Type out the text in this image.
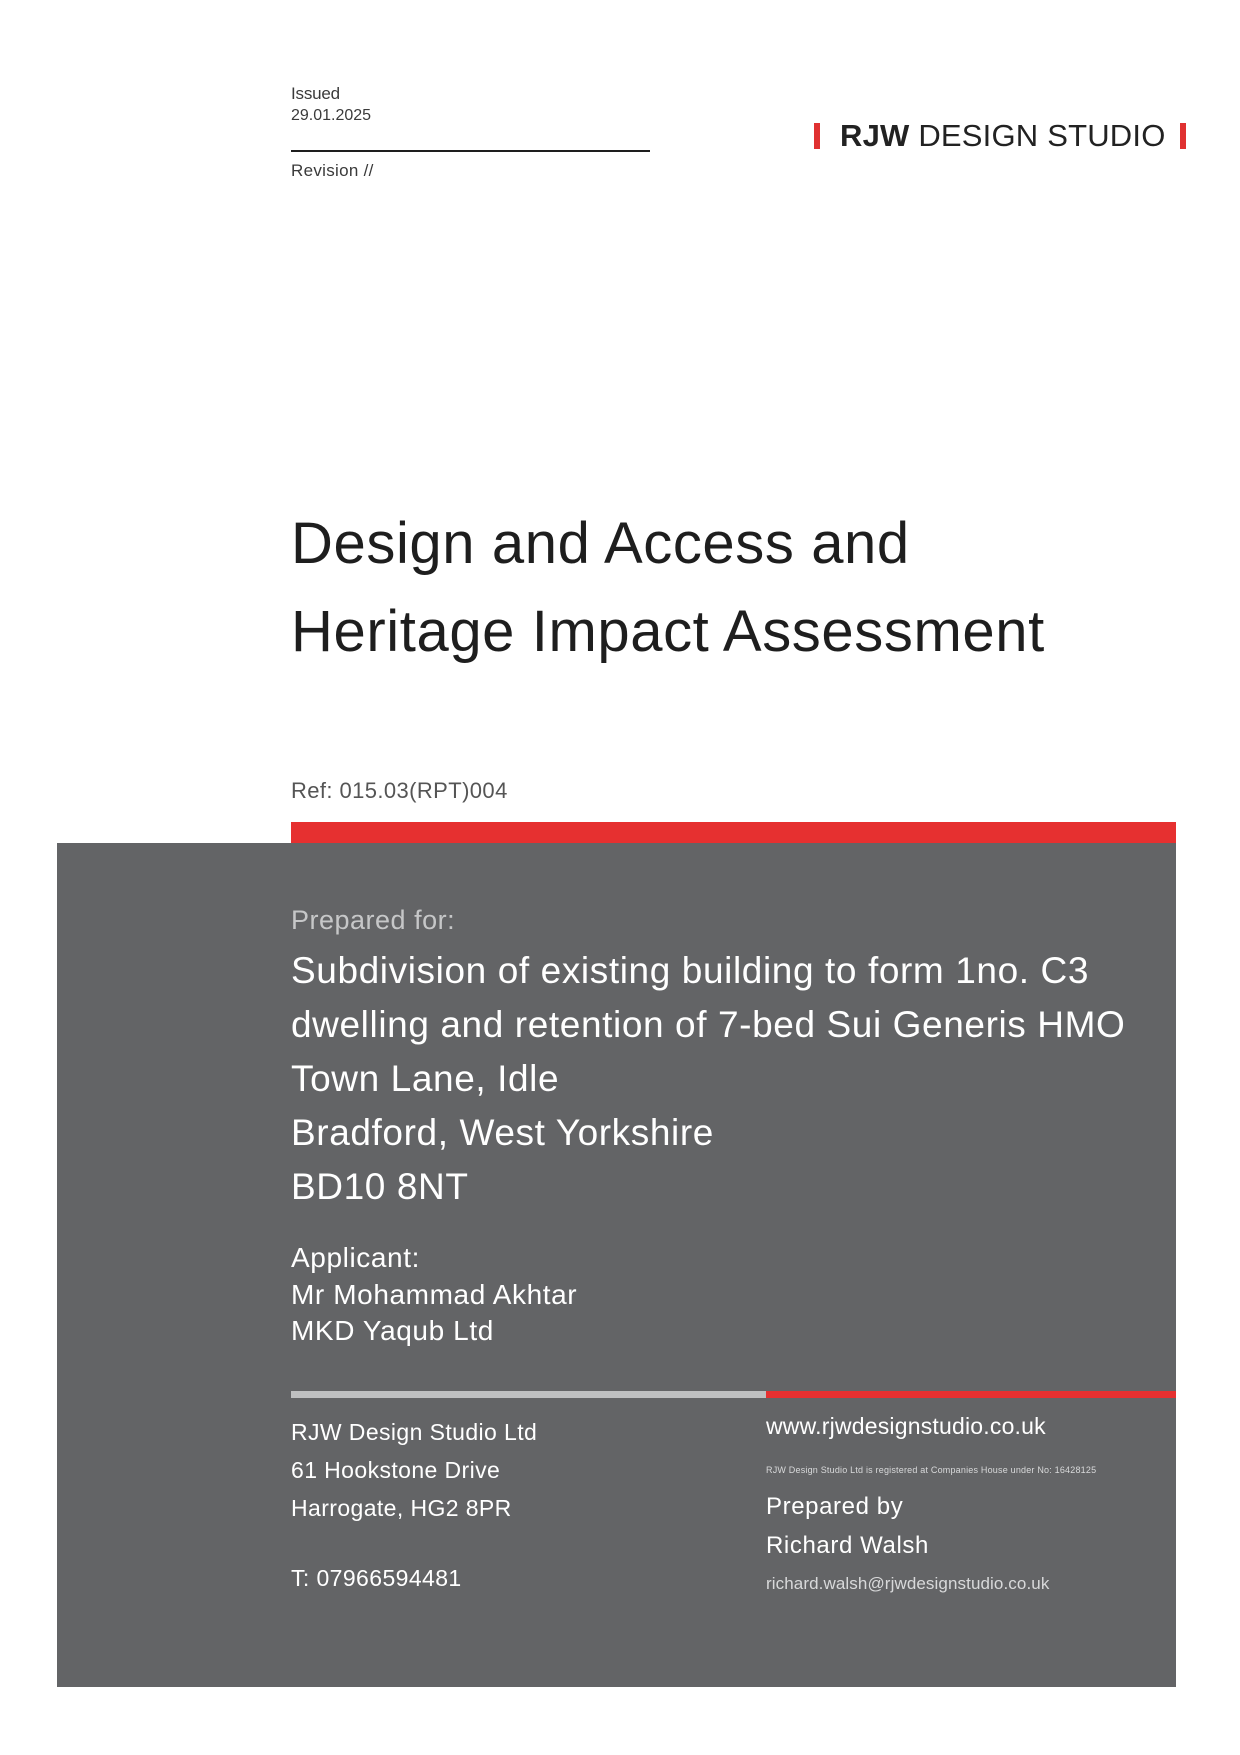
Issued
29.01.2025
Revision //
RJW DESIGN STUDIO
Design and Access and
Heritage Impact Assessment
Ref: 015.03(RPT)004
Prepared for:
Subdivision of existing building to form 1no. C3
dwelling and retention of 7-bed Sui Generis HMO
Town Lane, Idle
Bradford, West Yorkshire
BD10 8NT
Applicant:
Mr Mohammad Akhtar
MKD Yaqub Ltd
RJW Design Studio Ltd
61 Hookstone Drive
Harrogate, HG2 8PR
T: 07966594481
www.rjwdesignstudio.co.uk
RJW Design Studio Ltd is registered at Companies House under No: 16428125
Prepared by
Richard Walsh
richard.walsh@rjwdesignstudio.co.uk
